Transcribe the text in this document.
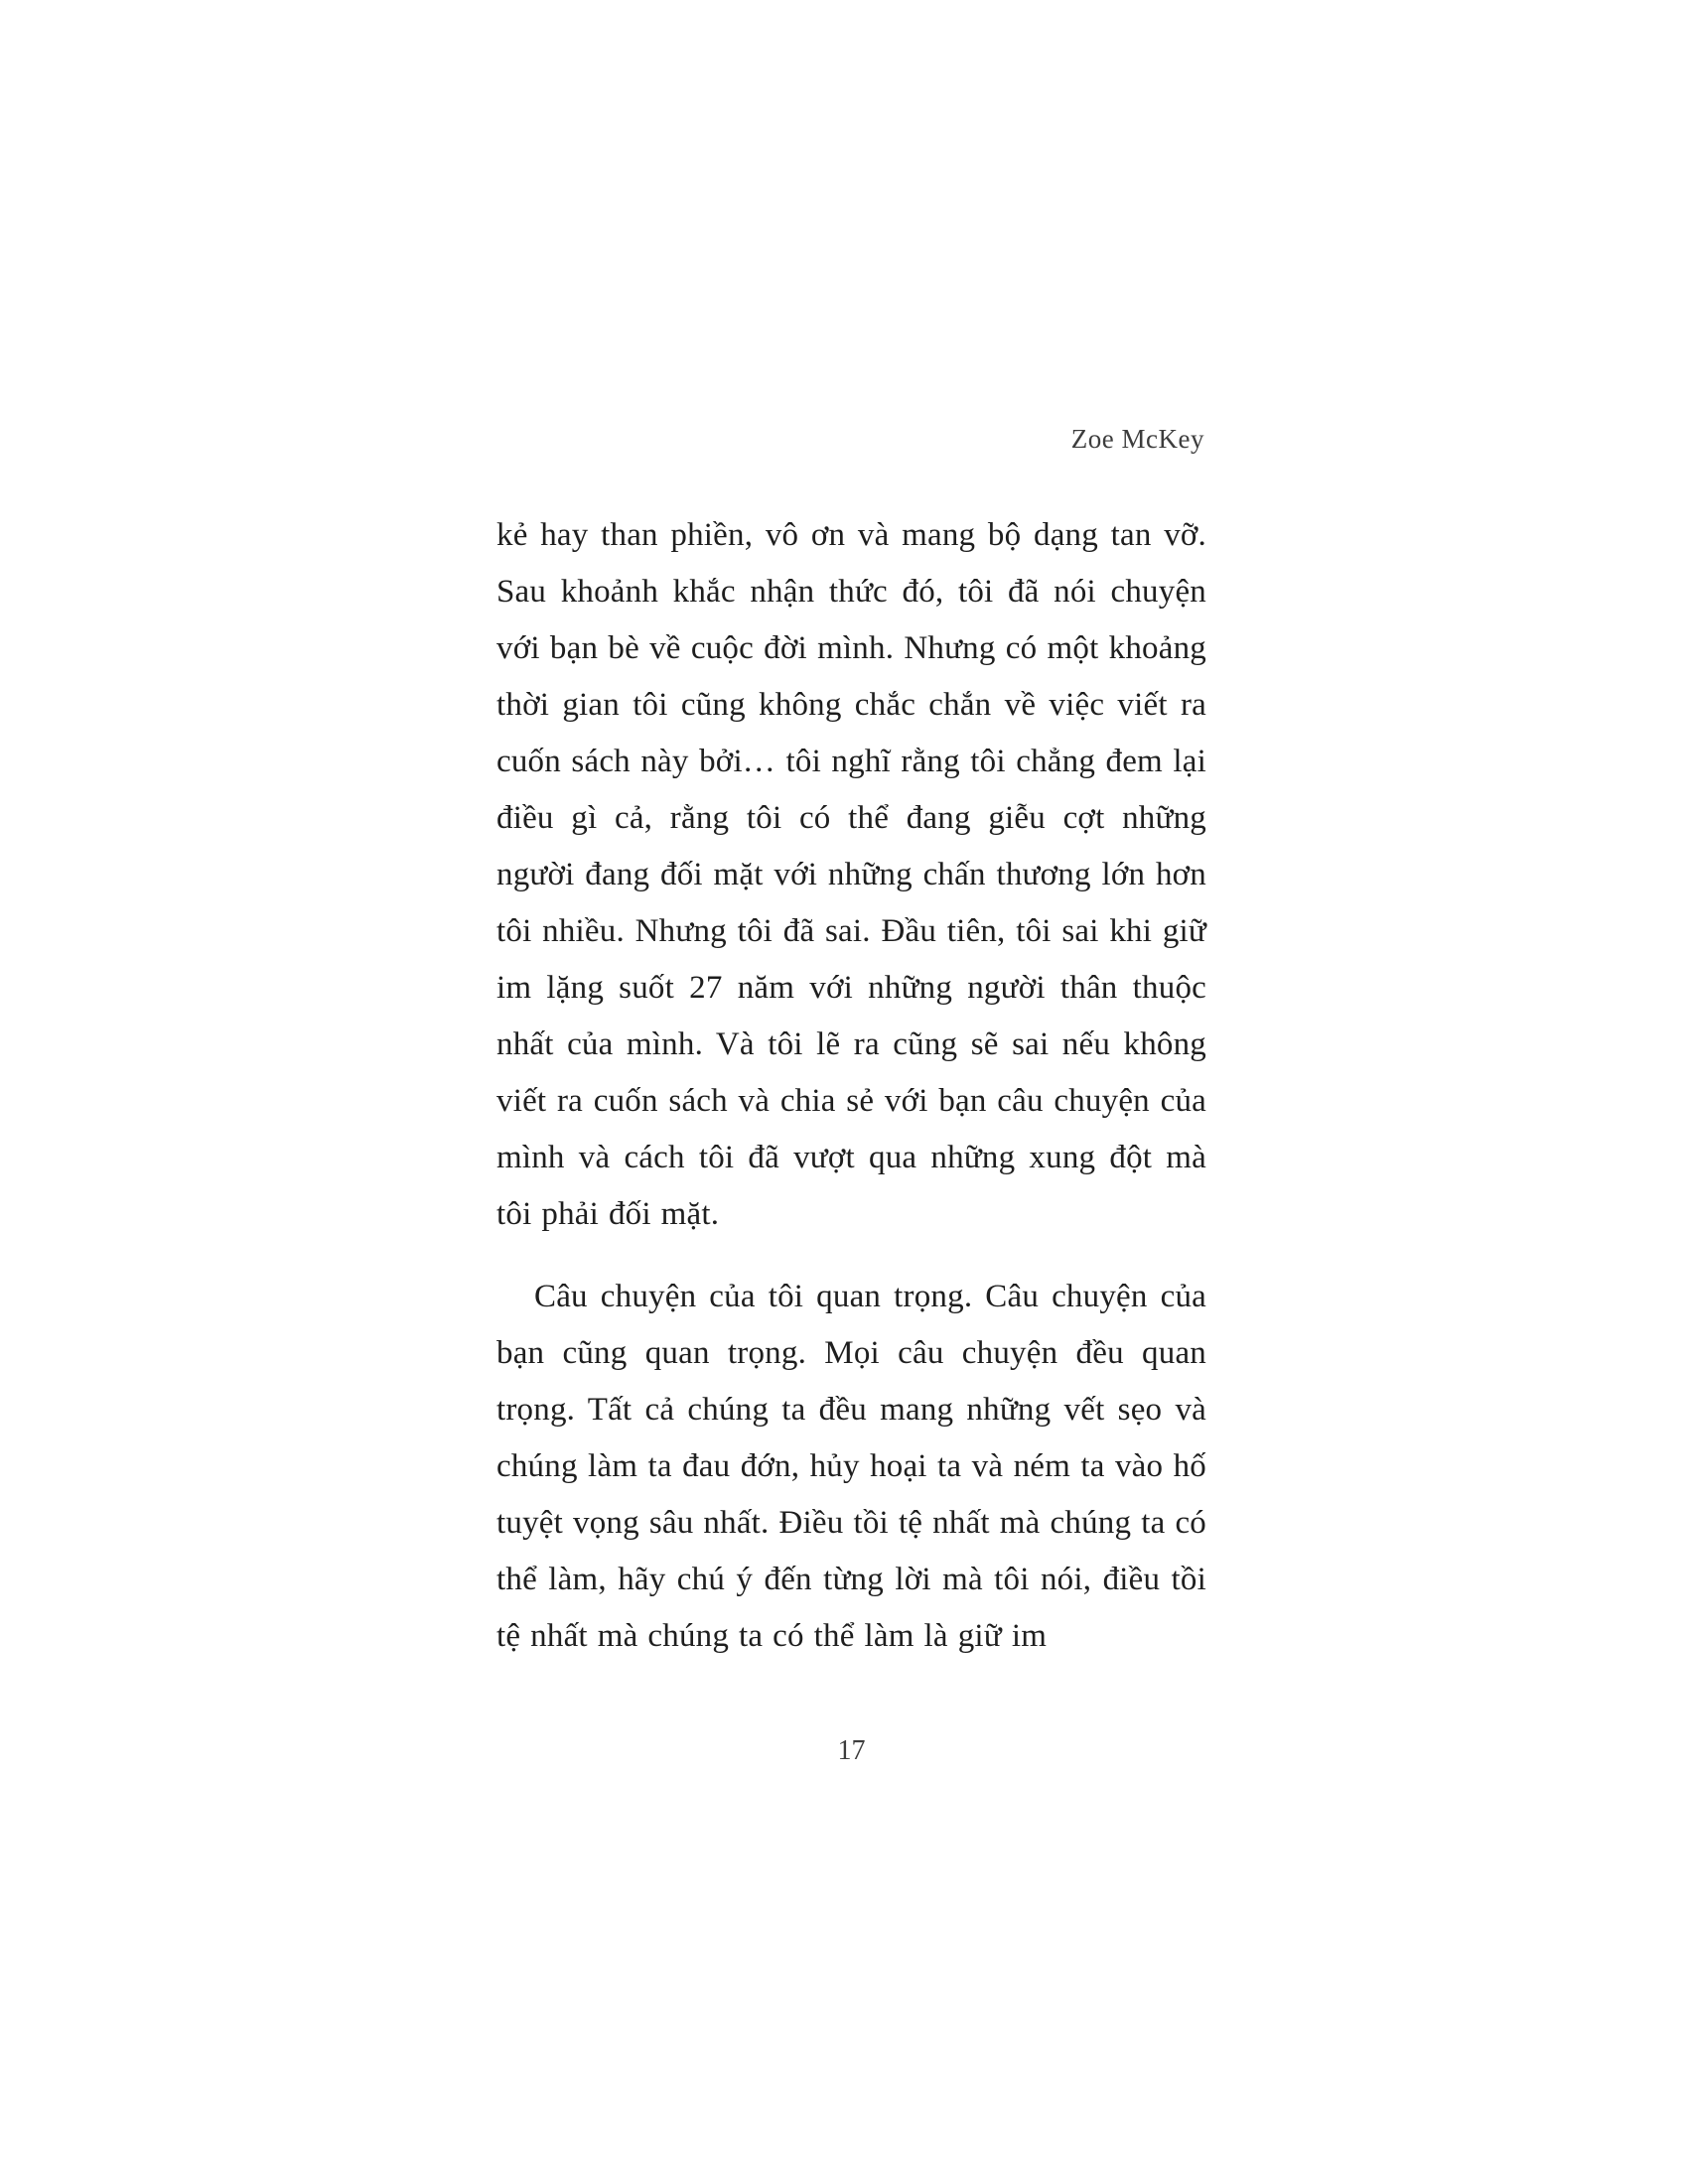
Zoe McKey

kẻ hay than phiền, vô ơn và mang bộ dạng tan vỡ. Sau khoảnh khắc nhận thức đó, tôi đã nói chuyện với bạn bè về cuộc đời mình. Nhưng có một khoảng thời gian tôi cũng không chắc chắn về việc viết ra cuốn sách này bởi… tôi nghĩ rằng tôi chẳng đem lại điều gì cả, rằng tôi có thể đang giễu cợt những người đang đối mặt với những chấn thương lớn hơn tôi nhiều. Nhưng tôi đã sai. Đầu tiên, tôi sai khi giữ im lặng suốt 27 năm với những người thân thuộc nhất của mình. Và tôi lẽ ra cũng sẽ sai nếu không viết ra cuốn sách và chia sẻ với bạn câu chuyện của mình và cách tôi đã vượt qua những xung đột mà tôi phải đối mặt.

Câu chuyện của tôi quan trọng. Câu chuyện của bạn cũng quan trọng. Mọi câu chuyện đều quan trọng. Tất cả chúng ta đều mang những vết sẹo và chúng làm ta đau đớn, hủy hoại ta và ném ta vào hố tuyệt vọng sâu nhất. Điều tồi tệ nhất mà chúng ta có thể làm, hãy chú ý đến từng lời mà tôi nói, điều tồi tệ nhất mà chúng ta có thể làm là giữ im

17
